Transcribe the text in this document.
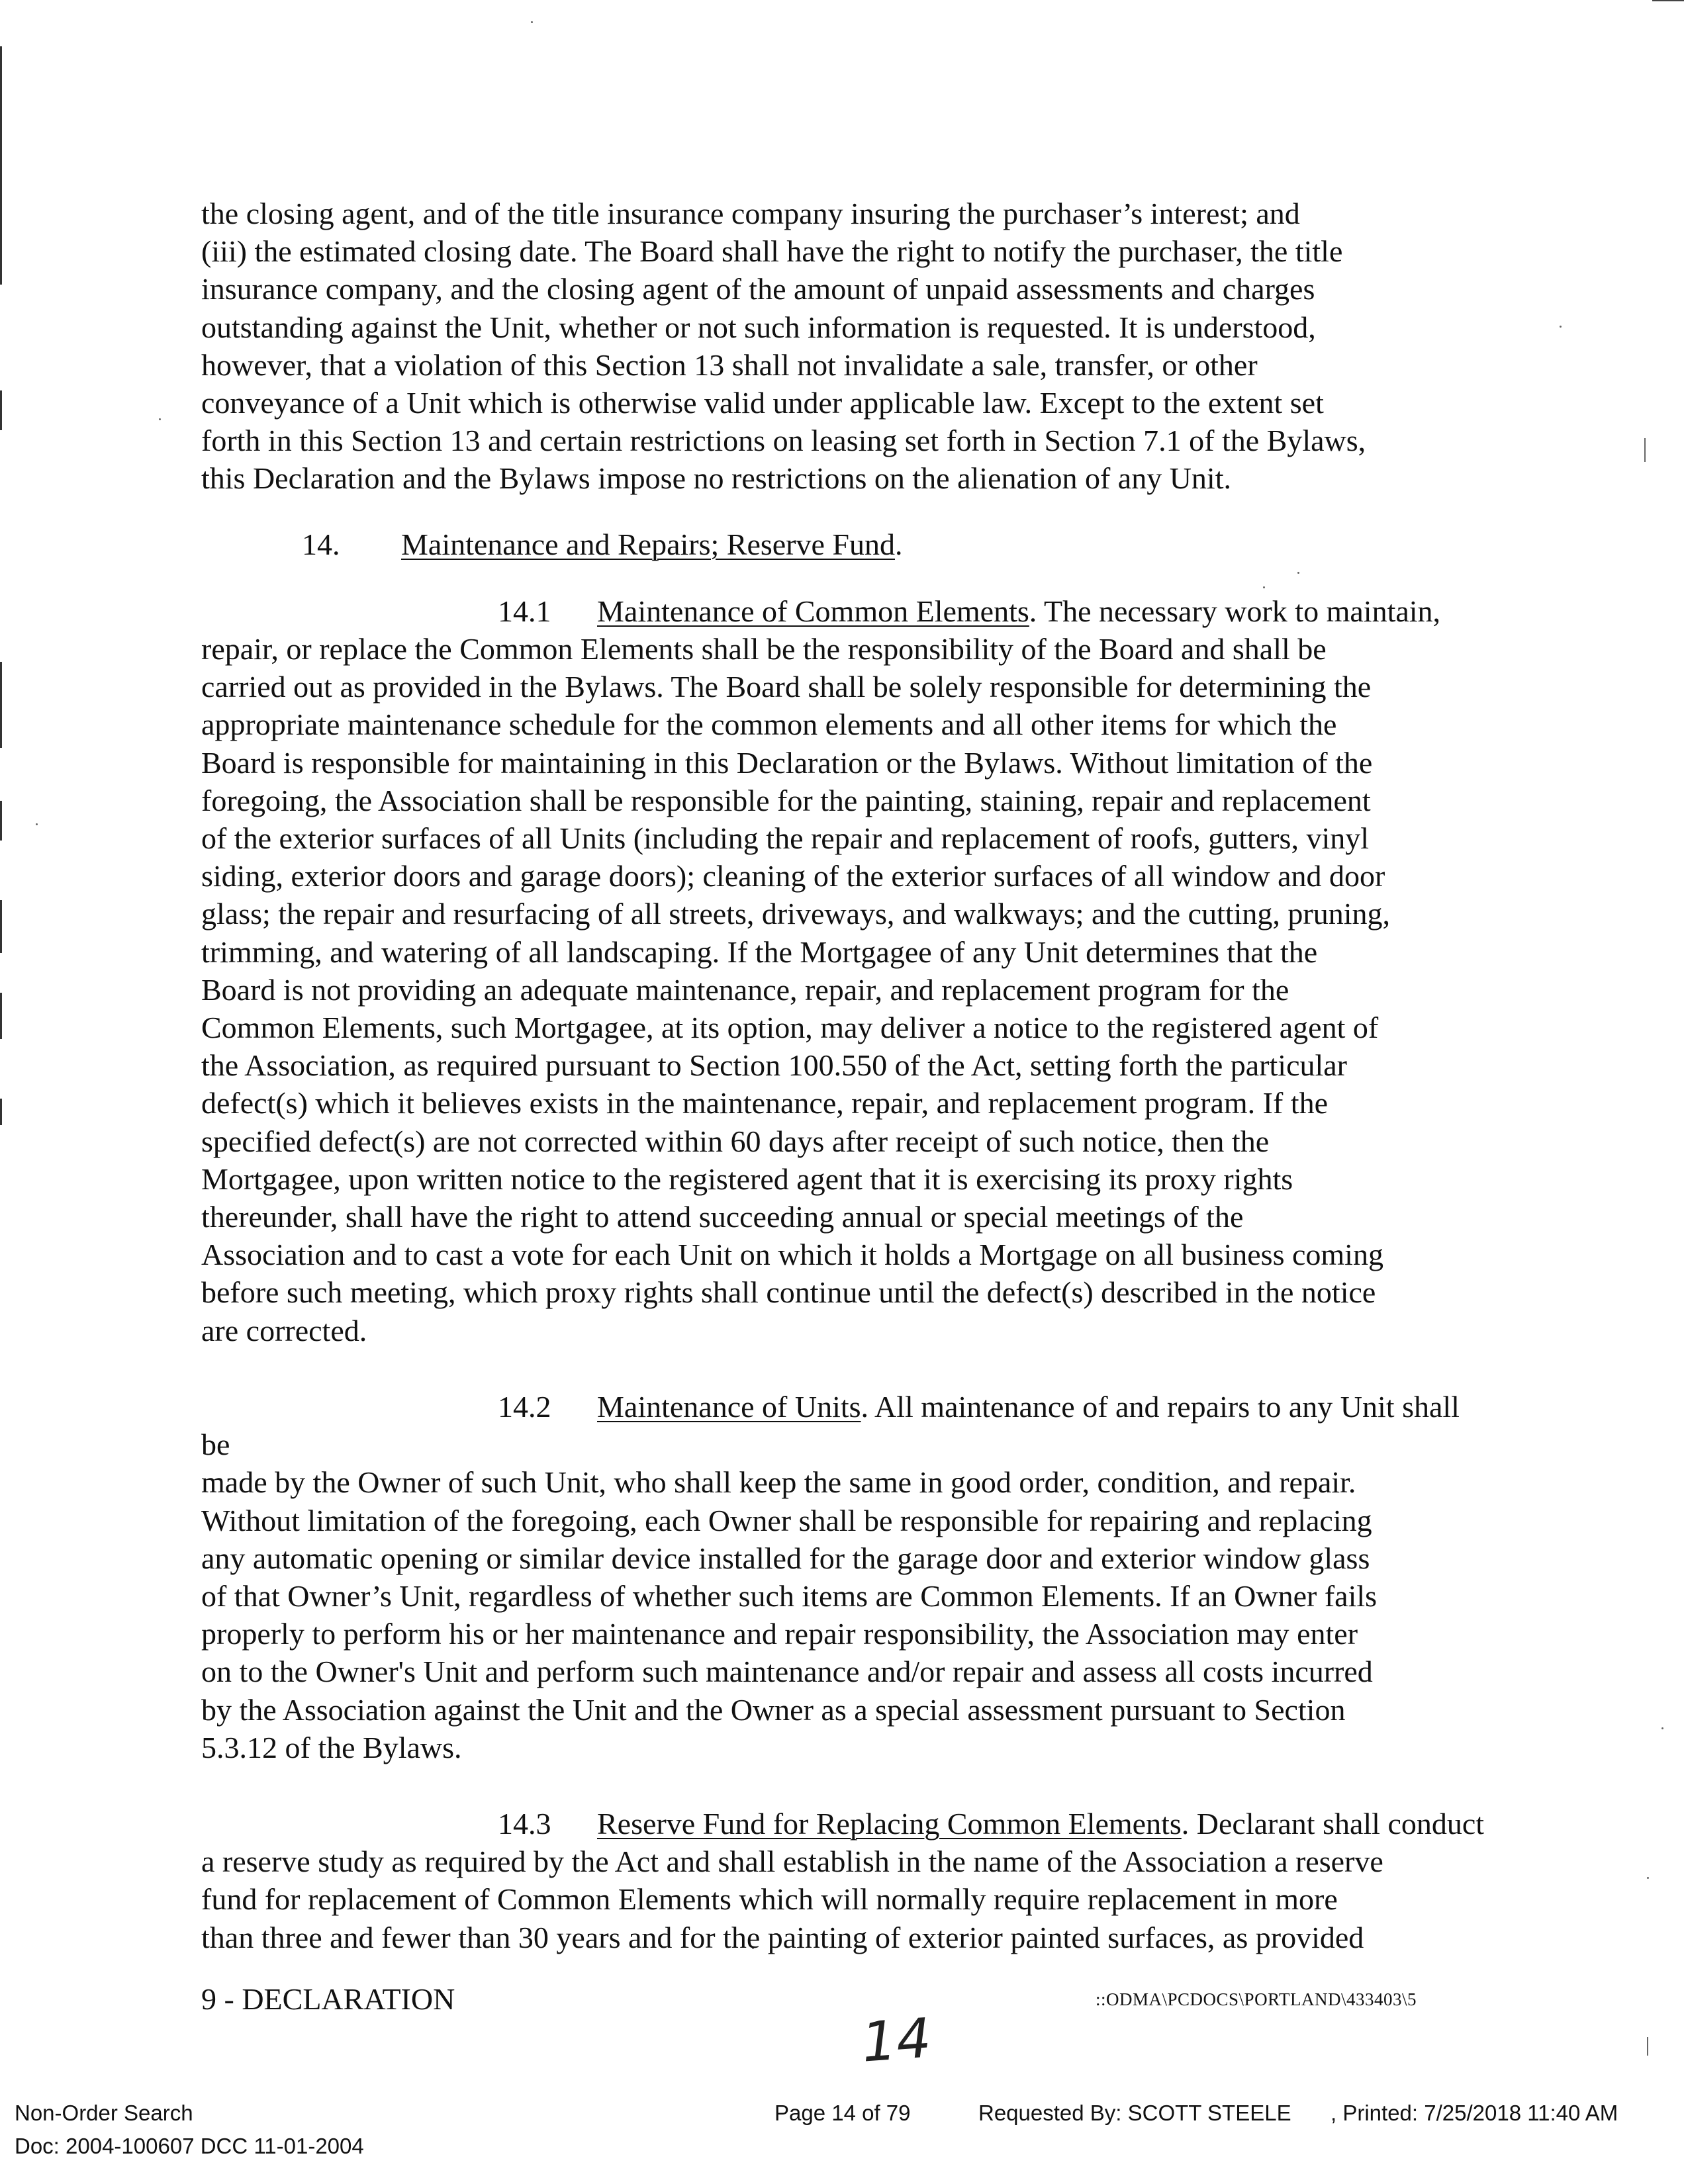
the closing agent, and of the title insurance company insuring the purchaser’s interest; and
(iii) the estimated closing date. The Board shall have the right to notify the purchaser, the title
insurance company, and the closing agent of the amount of unpaid assessments and charges
outstanding against the Unit, whether or not such information is requested. It is understood,
however, that a violation of this Section 13 shall not invalidate a sale, transfer, or other
conveyance of a Unit which is otherwise valid under applicable law. Except to the extent set
forth in this Section 13 and certain restrictions on leasing set forth in Section 7.1 of the Bylaws,
this Declaration and the Bylaws impose no restrictions on the alienation of any Unit.
14. Maintenance and Repairs; Reserve Fund.
14.1 Maintenance of Common Elements. The necessary work to maintain,
repair, or replace the Common Elements shall be the responsibility of the Board and shall be
carried out as provided in the Bylaws. The Board shall be solely responsible for determining the
appropriate maintenance schedule for the common elements and all other items for which the
Board is responsible for maintaining in this Declaration or the Bylaws. Without limitation of the
foregoing, the Association shall be responsible for the painting, staining, repair and replacement
of the exterior surfaces of all Units (including the repair and replacement of roofs, gutters, vinyl
siding, exterior doors and garage doors); cleaning of the exterior surfaces of all window and door
glass; the repair and resurfacing of all streets, driveways, and walkways; and the cutting, pruning,
trimming, and watering of all landscaping. If the Mortgagee of any Unit determines that the
Board is not providing an adequate maintenance, repair, and replacement program for the
Common Elements, such Mortgagee, at its option, may deliver a notice to the registered agent of
the Association, as required pursuant to Section 100.550 of the Act, setting forth the particular
defect(s) which it believes exists in the maintenance, repair, and replacement program. If the
specified defect(s) are not corrected within 60 days after receipt of such notice, then the
Mortgagee, upon written notice to the registered agent that it is exercising its proxy rights
thereunder, shall have the right to attend succeeding annual or special meetings of the
Association and to cast a vote for each Unit on which it holds a Mortgage on all business coming
before such meeting, which proxy rights shall continue until the defect(s) described in the notice
are corrected.
14.2 Maintenance of Units. All maintenance of and repairs to any Unit shall be
made by the Owner of such Unit, who shall keep the same in good order, condition, and repair.
Without limitation of the foregoing, each Owner shall be responsible for repairing and replacing
any automatic opening or similar device installed for the garage door and exterior window glass
of that Owner’s Unit, regardless of whether such items are Common Elements. If an Owner fails
properly to perform his or her maintenance and repair responsibility, the Association may enter
on to the Owner's Unit and perform such maintenance and/or repair and assess all costs incurred
by the Association against the Unit and the Owner as a special assessment pursuant to Section
5.3.12 of the Bylaws.
14.3 Reserve Fund for Replacing Common Elements. Declarant shall conduct
a reserve study as required by the Act and shall establish in the name of the Association a reserve
fund for replacement of Common Elements which will normally require replacement in more
than three and fewer than 30 years and for the painting of exterior painted surfaces, as provided
9 - DECLARATION	::ODMA\PCDOCS\PORTLAND\433403\5
14
Non-Order Search
Doc: 2004-100607 DCC 11-01-2004
Page 14 of 79	Requested By: SCOTT STEELE , Printed: 7/25/2018 11:40 AM
